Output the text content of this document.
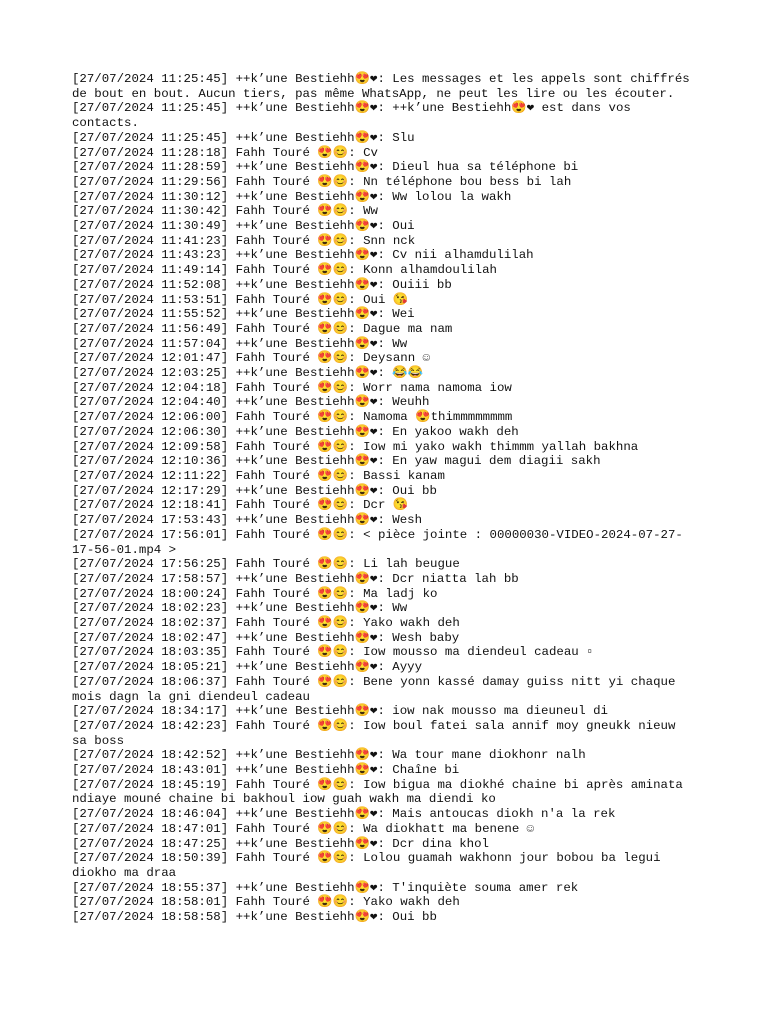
[27/07/2024 11:25:45] ++k’une Bestiehh😍❤: Les messages et les appels sont chiffrés de bout en bout. Aucun tiers, pas même WhatsApp, ne peut les lire ou les écouter.

[27/07/2024 11:25:45] ++k’une Bestiehh😍❤: ++k’une Bestiehh😍❤ est dans vos contacts.

[27/07/2024 11:25:45] ++k’une Bestiehh😍❤: Slu

[27/07/2024 11:28:18] Fahh Touré 😍😊: Cv

[27/07/2024 11:28:59] ++k’une Bestiehh😍❤: Dieul hua sa téléphone bi

[27/07/2024 11:29:56] Fahh Touré 😍😊: Nn téléphone bou bess bi lah

[27/07/2024 11:30:12] ++k’une Bestiehh😍❤: Ww lolou la wakh

[27/07/2024 11:30:42] Fahh Touré 😍😊: Ww

[27/07/2024 11:30:49] ++k’une Bestiehh😍❤: Oui

[27/07/2024 11:41:23] Fahh Touré 😍😊: Snn nck

[27/07/2024 11:43:23] ++k’une Bestiehh😍❤: Cv nii alhamdulilah

[27/07/2024 11:49:14] Fahh Touré 😍😊: Konn alhamdoulilah

[27/07/2024 11:52:08] ++k’une Bestiehh😍❤: Ouiii bb

[27/07/2024 11:53:51] Fahh Touré 😍😊: Oui 😘

[27/07/2024 11:55:52] ++k’une Bestiehh😍❤: Wei

[27/07/2024 11:56:49] Fahh Touré 😍😊: Dague ma nam

[27/07/2024 11:57:04] ++k’une Bestiehh😍❤: Ww

[27/07/2024 12:01:47] Fahh Touré 😍😊: Deysann ☺

[27/07/2024 12:03:25] ++k’une Bestiehh😍❤: 😂😂

[27/07/2024 12:04:18] Fahh Touré 😍😊: Worr nama namoma iow

[27/07/2024 12:04:40] ++k’une Bestiehh😍❤: Weuhh

[27/07/2024 12:06:00] Fahh Touré 😍😊: Namoma 😍thimmmmmmmm

[27/07/2024 12:06:30] ++k’une Bestiehh😍❤: En yakoo wakh deh

[27/07/2024 12:09:58] Fahh Touré 😍😊: Iow mi yako wakh thimmm yallah bakhna

[27/07/2024 12:10:36] ++k’une Bestiehh😍❤: En yaw magui dem diagii sakh

[27/07/2024 12:11:22] Fahh Touré 😍😊: Bassi kanam

[27/07/2024 12:17:29] ++k’une Bestiehh😍❤: Oui bb

[27/07/2024 12:18:41] Fahh Touré 😍😊: Dcr 😘

[27/07/2024 17:53:43] ++k’une Bestiehh😍❤: Wesh

[27/07/2024 17:56:01] Fahh Touré 😍😊: < pièce jointe : 00000030-VIDEO-2024-07-27-17-56-01.mp4 >

[27/07/2024 17:56:25] Fahh Touré 😍😊: Li lah beugue

[27/07/2024 17:58:57] ++k’une Bestiehh😍❤: Dcr niatta lah bb

[27/07/2024 18:00:24] Fahh Touré 😍😊: Ma ladj ko

[27/07/2024 18:02:23] ++k’une Bestiehh😍❤: Ww

[27/07/2024 18:02:37] Fahh Touré 😍😊: Yako wakh deh

[27/07/2024 18:02:47] ++k’une Bestiehh😍❤: Wesh baby

[27/07/2024 18:03:35] Fahh Touré 😍😊: Iow mousso ma diendeul cadeau ▫

[27/07/2024 18:05:21] ++k’une Bestiehh😍❤: Ayyy

[27/07/2024 18:06:37] Fahh Touré 😍😊: Bene yonn kassé damay guiss nitt yi chaque mois dagn la gni diendeul cadeau

[27/07/2024 18:34:17] ++k’une Bestiehh😍❤: iow nak mousso ma dieuneul di

[27/07/2024 18:42:23] Fahh Touré 😍😊: Iow boul fatei sala annif moy gneukk nieuw sa boss

[27/07/2024 18:42:52] ++k’une Bestiehh😍❤: Wa tour mane diokhonr nalh

[27/07/2024 18:43:01] ++k’une Bestiehh😍❤: Chaîne bi

[27/07/2024 18:45:19] Fahh Touré 😍😊: Iow bigua ma diokhé chaine bi après aminata ndiaye mouné chaine bi bakhoul iow guah wakh ma diendi ko

[27/07/2024 18:46:04] ++k’une Bestiehh😍❤: Mais antoucas diokh n'a la rek

[27/07/2024 18:47:01] Fahh Touré 😍😊: Wa diokhatt ma benene ☺

[27/07/2024 18:47:25] ++k’une Bestiehh😍❤: Dcr dina khol

[27/07/2024 18:50:39] Fahh Touré 😍😊: Lolou guamah wakhonn jour bobou ba legui diokho ma draa

[27/07/2024 18:55:37] ++k’une Bestiehh😍❤: T'inquiète souma amer rek

[27/07/2024 18:58:01] Fahh Touré 😍😊: Yako wakh deh

[27/07/2024 18:58:58] ++k’une Bestiehh😍❤: Oui bb
